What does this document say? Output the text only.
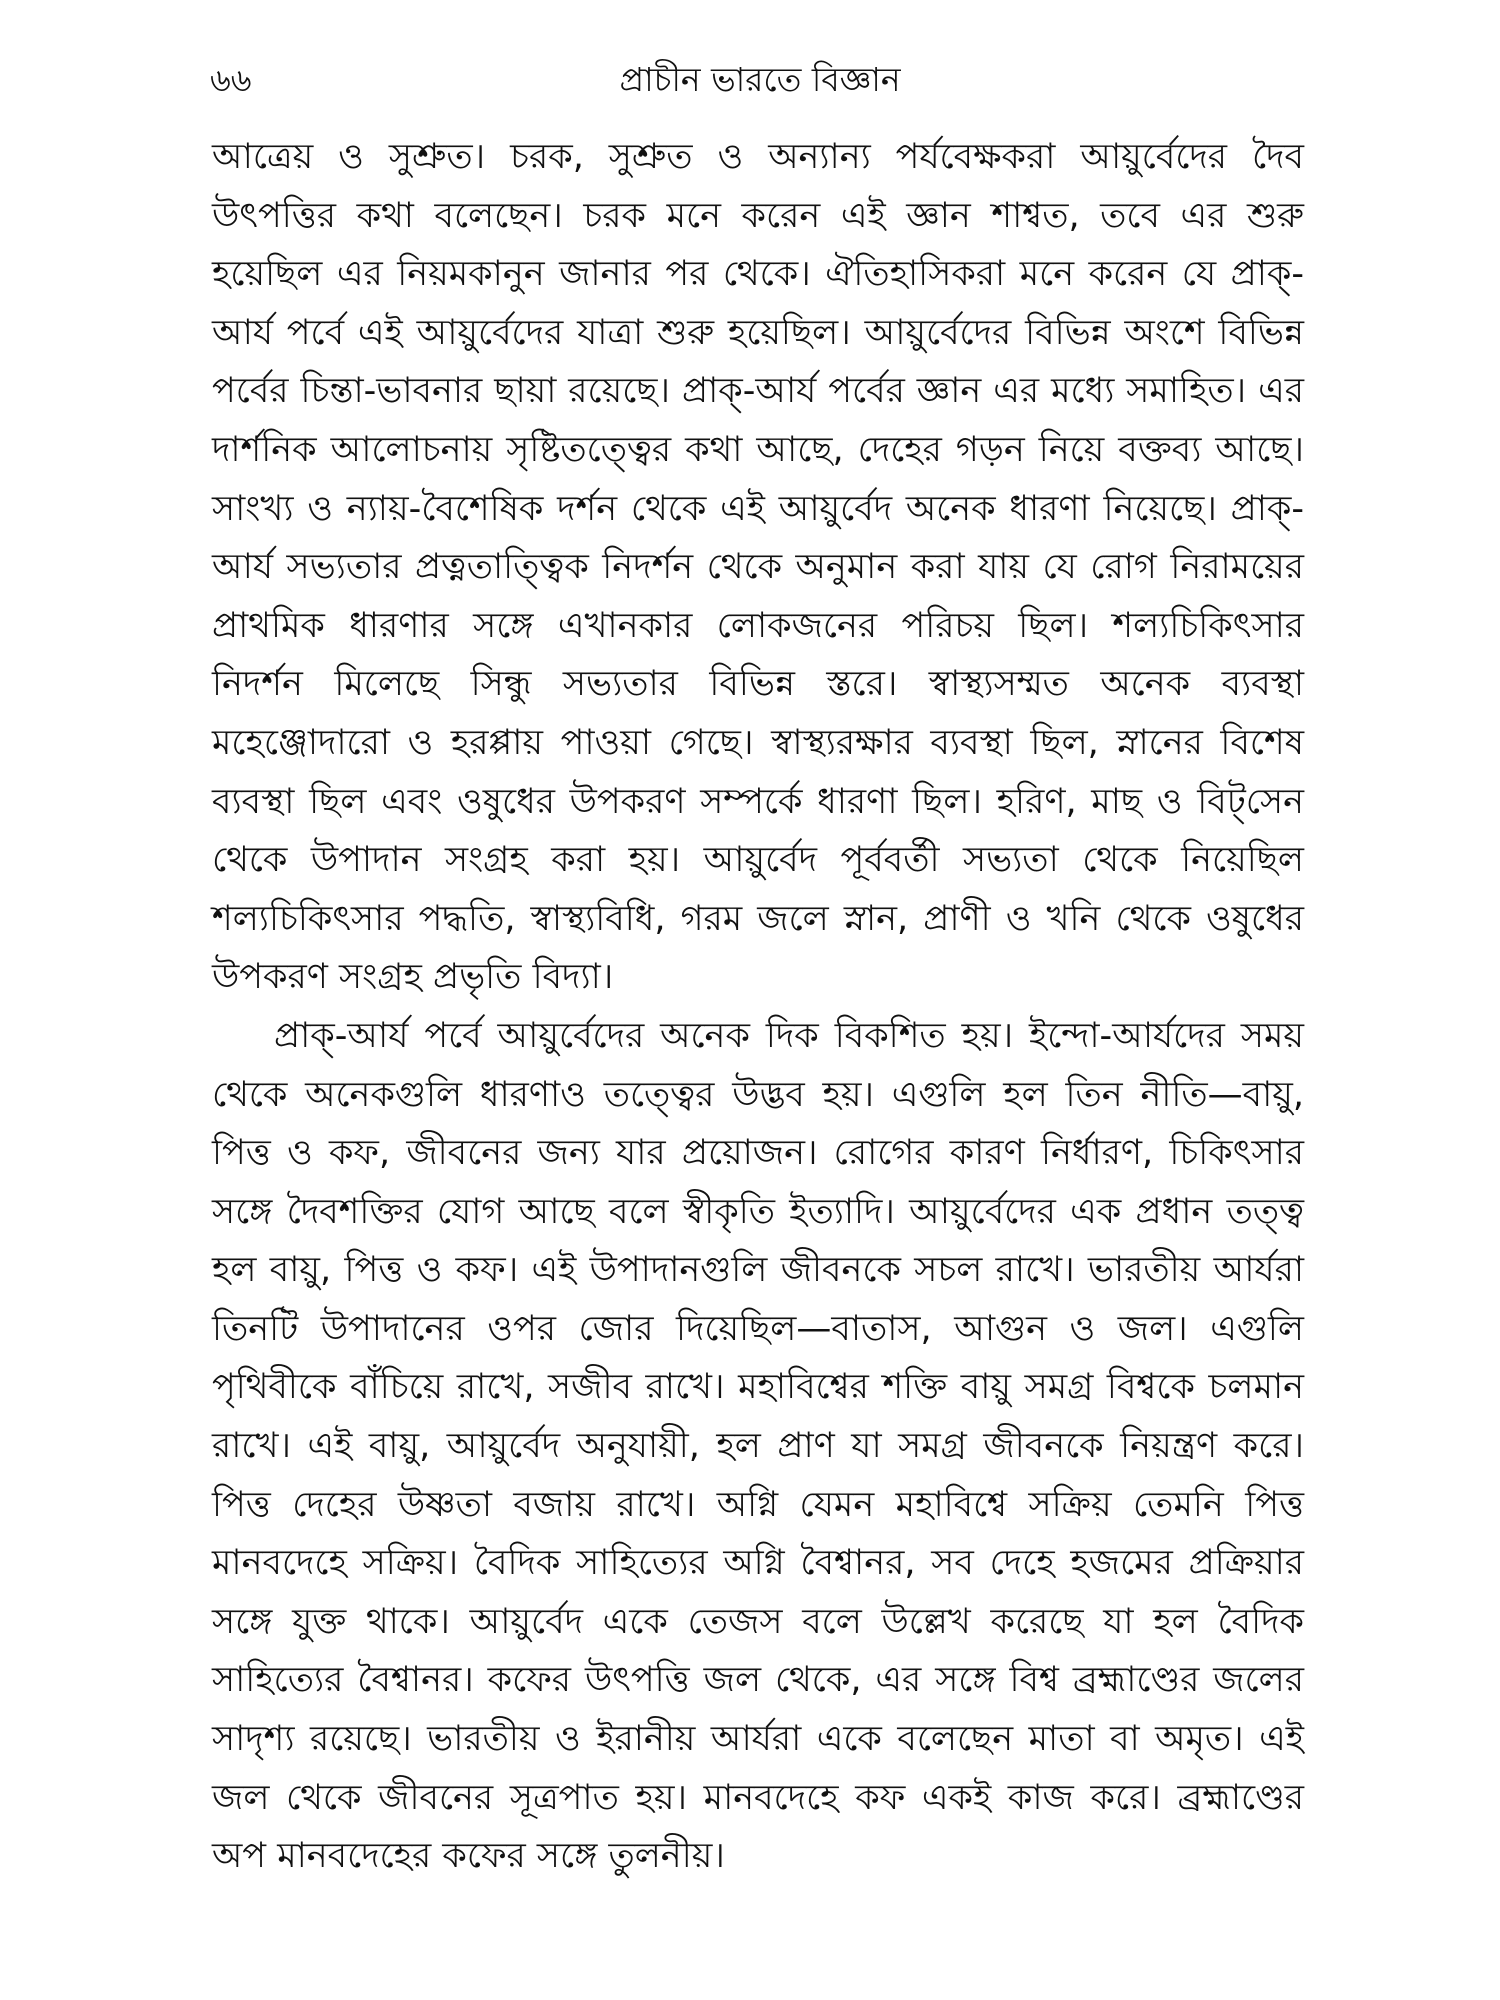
৬৬	প্রাচীন ভারতে বিজ্ঞান

আত্রেয় ও সুশ্রুত। চরক, সুশ্রুত ও অন্যান্য পর্যবেক্ষকরা আয়ুর্বেদের দৈব উৎপত্তির কথা বলেছেন। চরক মনে করেন এই জ্ঞান শাশ্বত, তবে এর শুরু হয়েছিল এর নিয়মকানুন জানার পর থেকে। ঐতিহাসিকরা মনে করেন যে প্রাক্-আর্য পর্বে এই আয়ুর্বেদের যাত্রা শুরু হয়েছিল। আয়ুর্বেদের বিভিন্ন অংশে বিভিন্ন পর্বের চিন্তা-ভাবনার ছায়া রয়েছে। প্রাক্-আর্য পর্বের জ্ঞান এর মধ্যে সমাহিত। এর দার্শনিক আলোচনায় সৃষ্টিতত্ত্বের কথা আছে, দেহের গড়ন নিয়ে বক্তব্য আছে। সাংখ্য ও ন্যায়-বৈশেষিক দর্শন থেকে এই আয়ুর্বেদ অনেক ধারণা নিয়েছে। প্রাক্-আর্য সভ্যতার প্রত্নতাত্ত্বিক নিদর্শন থেকে অনুমান করা যায় যে রোগ নিরাময়ের প্রাথমিক ধারণার সঙ্গে এখানকার লোকজনের পরিচয় ছিল। শল্যচিকিৎসার নিদর্শন মিলেছে সিন্ধু সভ্যতার বিভিন্ন স্তরে। স্বাস্থ্যসম্মত অনেক ব্যবস্থা মহেঞ্জোদারো ও হরপ্পায় পাওয়া গেছে। স্বাস্থ্যরক্ষার ব্যবস্থা ছিল, স্নানের বিশেষ ব্যবস্থা ছিল এবং ওষুধের উপকরণ সম্পর্কে ধারণা ছিল। হরিণ, মাছ ও বিট্‌সেন থেকে উপাদান সংগ্রহ করা হয়। আয়ুর্বেদ পূর্ববর্তী সভ্যতা থেকে নিয়েছিল শল্যচিকিৎসার পদ্ধতি, স্বাস্থ্যবিধি, গরম জলে স্নান, প্রাণী ও খনি থেকে ওষুধের উপকরণ সংগ্রহ প্রভৃতি বিদ্যা।

প্রাক্-আর্য পর্বে আয়ুর্বেদের অনেক দিক বিকশিত হয়। ইন্দো-আর্যদের সময় থেকে অনেকগুলি ধারণাও তত্ত্বের উদ্ভব হয়। এগুলি হল তিন নীতি—বায়ু, পিত্ত ও কফ, জীবনের জন্য যার প্রয়োজন। রোগের কারণ নির্ধারণ, চিকিৎসার সঙ্গে দৈবশক্তির যোগ আছে বলে স্বীকৃতি ইত্যাদি। আয়ুর্বেদের এক প্রধান তত্ত্ব হল বায়ু, পিত্ত ও কফ। এই উপাদানগুলি জীবনকে সচল রাখে। ভারতীয় আর্যরা তিনটি উপাদানের ওপর জোর দিয়েছিল—বাতাস, আগুন ও জল। এগুলি পৃথিবীকে বাঁচিয়ে রাখে, সজীব রাখে। মহাবিশ্বের শক্তি বায়ু সমগ্র বিশ্বকে চলমান রাখে। এই বায়ু, আয়ুর্বেদ অনুযায়ী, হল প্রাণ যা সমগ্র জীবনকে নিয়ন্ত্রণ করে। পিত্ত দেহের উষ্ণতা বজায় রাখে। অগ্নি যেমন মহাবিশ্বে সক্রিয় তেমনি পিত্ত মানবদেহে সক্রিয়। বৈদিক সাহিত্যের অগ্নি বৈশ্বানর, সব দেহে হজমের প্রক্রিয়ার সঙ্গে যুক্ত থাকে। আয়ুর্বেদ একে তেজস বলে উল্লেখ করেছে যা হল বৈদিক সাহিত্যের বৈশ্বানর। কফের উৎপত্তি জল থেকে, এর সঙ্গে বিশ্ব ব্রহ্মাণ্ডের জলের সাদৃশ্য রয়েছে। ভারতীয় ও ইরানীয় আর্যরা একে বলেছেন মাতা বা অমৃত। এই জল থেকে জীবনের সূত্রপাত হয়। মানবদেহে কফ একই কাজ করে। ব্রহ্মাণ্ডের অপ মানবদেহের কফের সঙ্গে তুলনীয়।
